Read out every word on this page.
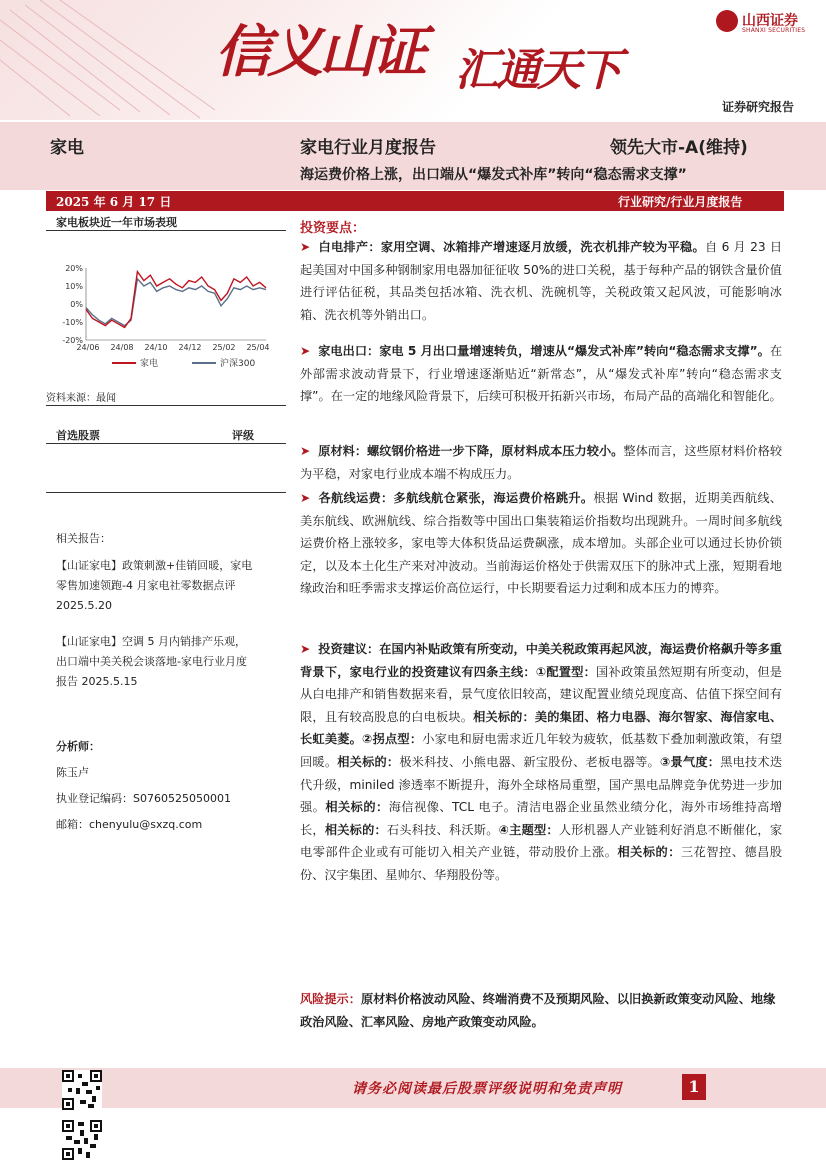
信义山证 汇通天下
山西证券
SHANXI SECURITIES
证券研究报告
家电	家电行业月度报告	领先大市-A(维持)
海运费价格上涨，出口端从“爆发式补库”转向“稳态需求支撑”
2025 年 6 月 17 日	行业研究/行业月度报告
家电板块近一年市场表现
20%
10%
0%
-10%
-20%
24/06 24/08 24/10 24/12 25/02 25/04
家电	沪深300
资料来源：最闻
首选股票	评级
相关报告：
【山证家电】政策刺激+佳销回暖，家电
零售加速领跑-4 月家电社零数据点评
2025.5.20
【山证家电】空调 5 月内销排产乐观，
出口端中美关税会谈落地-家电行业月度
报告 2025.5.15
分析师：
陈玉卢
执业登记编码：S0760525050001
邮箱：chenyulu@sxzq.com
投资要点：

➤ 白电排产：家用空调、冰箱排产增速逐月放缓，洗衣机排产较为平稳。自 6 月 23 日起美国对中国多种钢制家用电器加征征收 50%的进口关税，基于每种产品的钢铁含量价值进行评估征税，其品类包括冰箱、洗衣机、洗碗机等，关税政策又起风波，可能影响冰箱、洗衣机等外销出口。

➤ 家电出口：家电 5 月出口量增速转负，增速从“爆发式补库”转向“稳态需求支撑”。在外部需求波动背景下，行业增速逐渐贴近“新常态”，从“爆发式补库”转向“稳态需求支撑”。在一定的地缘风险背景下，后续可积极开拓新兴市场，布局产品的高端化和智能化。

➤ 原材料：螺纹钢价格进一步下降，原材料成本压力较小。整体而言，这些原材料价格较为平稳，对家电行业成本端不构成压力。

➤ 各航线运费：多航线航仓紧张，海运费价格跳升。根据 Wind 数据，近期美西航线、美东航线、欧洲航线、综合指数等中国出口集装箱运价指数均出现跳升。一周时间多航线运费价格上涨较多，家电等大体积货品运费飙涨，成本增加。头部企业可以通过长协价锁定，以及本土化生产来对冲波动。当前海运价格处于供需双压下的脉冲式上涨，短期看地缘政治和旺季需求支撑运价高位运行，中长期要看运力过剩和成本压力的博弈。

➤ 投资建议：在国内补贴政策有所变动，中美关税政策再起风波，海运费价格飙升等多重背景下，家电行业的投资建议有四条主线：①配置型：国补政策虽然短期有所变动，但是从白电排产和销售数据来看，景气度依旧较高，建议配置业绩兑现度高、估值下探空间有限，且有较高股息的白电板块。相关标的：美的集团、格力电器、海尔智家、海信家电、长虹美菱。②拐点型：小家电和厨电需求近几年较为疲软，低基数下叠加刺激政策，有望回暖。相关标的：极米科技、小熊电器、新宝股份、老板电器等。③景气度：黑电技术迭代升级，miniled 渗透率不断提升，海外全球格局重塑，国产黑电品牌竞争优势进一步加强。相关标的：海信视像、TCL 电子。清洁电器企业虽然业绩分化，海外市场维持高增长，相关标的：石头科技、科沃斯。④主题型：人形机器人产业链利好消息不断催化，家电零部件企业或有可能切入相关产业链，带动股价上涨。相关标的：三花智控、德昌股份、汉宇集团、星帅尔、华翔股份等。

风险提示：原材料价格波动风险、终端消费不及预期风险、以旧换新政策变动风险、地缘政治风险、汇率风险、房地产政策变动风险。
请务必阅读最后股票评级说明和免责声明	1
